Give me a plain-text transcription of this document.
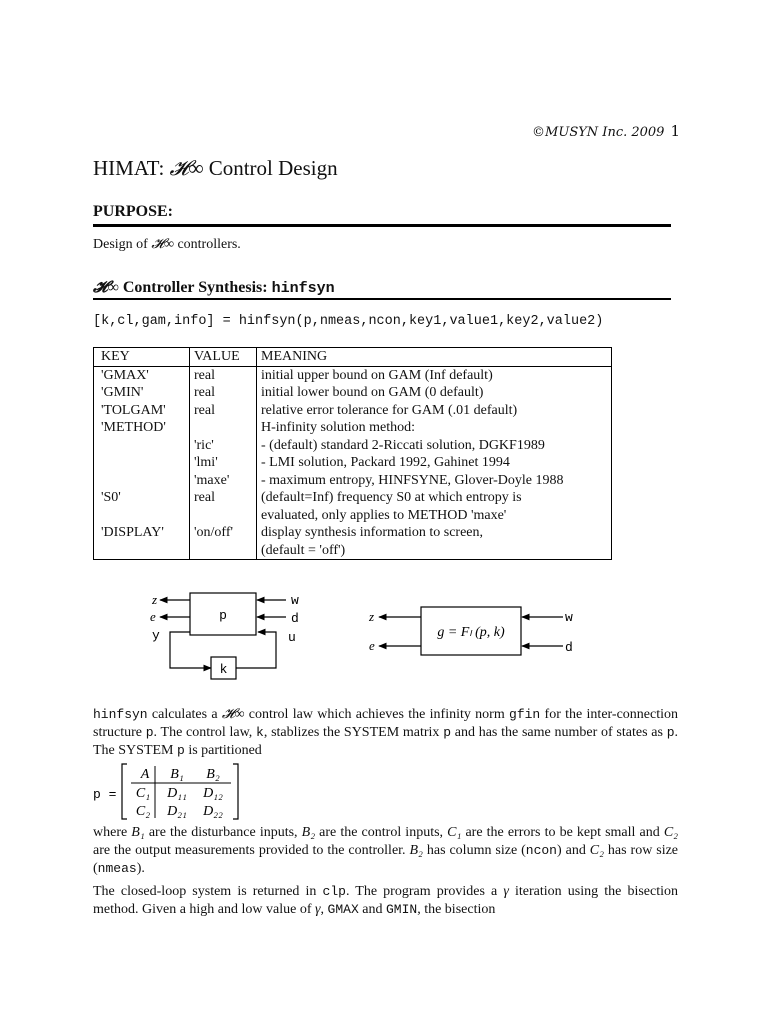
©MUSYN Inc. 2009 1
HIMAT: 𝓗∞ Control Design
PURPOSE:
Design of 𝓗∞ controllers.
𝓗∞ Controller Synthesis: hinfsyn
[k,cl,gam,info] = hinfsyn(p,nmeas,ncon,key1,value1,key2,value2)
KEY	VALUE	MEANING
'GMAX'	real	initial upper bound on GAM (Inf default)
'GMIN'	real	initial lower bound on GAM (0 default)
'TOLGAM'	real	relative error tolerance for GAM (.01 default)
'METHOD'		H-infinity solution method:
	'ric'	- (default) standard 2-Riccati solution, DGKF1989
	'lmi'	- LMI solution, Packard 1992, Gahinet 1994
	'maxe'	- maximum entropy, HINFSYNE, Glover-Doyle 1988
'S0'	real	(default=Inf) frequency S0 at which entropy is
		evaluated, only applies to METHOD 'maxe'
'DISPLAY'	'on/off'	display synthesis information to screen,
		(default = 'off')
p
z
e
y
w
d
u
k
g = Fₗ (p, k)
z
e
w
d
hinfsyn calculates a 𝓗∞ control law which achieves the infinity norm gfin for the inter-connection structure p. The control law, k, stablizes the SYSTEM matrix p and has the same number of states as p. The SYSTEM p is partitioned
p =
A B₁ B₂
C₁ D₁₁ D₁₂
C₂ D₂₁ D₂₂
where B₁ are the disturbance inputs, B₂ are the control inputs, C₁ are the errors to be kept small and C₂ are the output measurements provided to the controller. B₂ has column size (ncon) and C₂ has row size (nmeas).
The closed-loop system is returned in clp. The program provides a γ iteration using the bisection method. Given a high and low value of γ, GMAX and GMIN, the bisection
